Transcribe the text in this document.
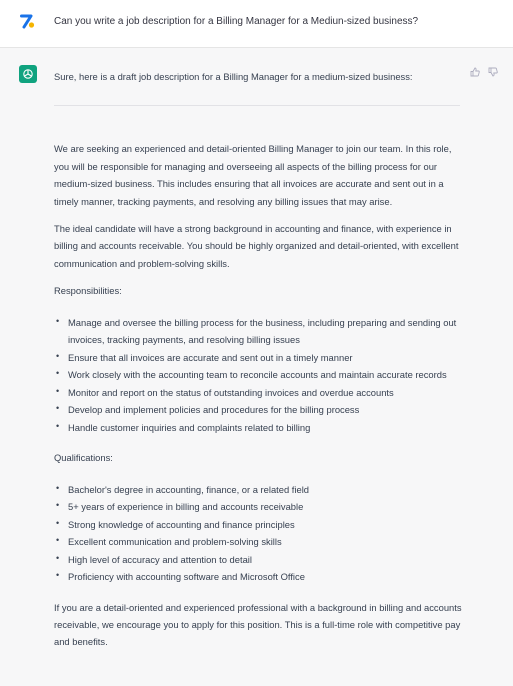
Can you write a job description for a Billing Manager for a Mediun-sized business?

Sure, here is a draft job description for a Billing Manager for a medium-sized business:

We are seeking an experienced and detail-oriented Billing Manager to join our team. In this role, you will be responsible for managing and overseeing all aspects of the billing process for our medium-sized business. This includes ensuring that all invoices are accurate and sent out in a timely manner, tracking payments, and resolving any billing issues that may arise.

The ideal candidate will have a strong background in accounting and finance, with experience in billing and accounts receivable. You should be highly organized and detail-oriented, with excellent communication and problem-solving skills.

Responsibilities:

• Manage and oversee the billing process for the business, including preparing and sending out invoices, tracking payments, and resolving billing issues
• Ensure that all invoices are accurate and sent out in a timely manner
• Work closely with the accounting team to reconcile accounts and maintain accurate records
• Monitor and report on the status of outstanding invoices and overdue accounts
• Develop and implement policies and procedures for the billing process
• Handle customer inquiries and complaints related to billing

Qualifications:

• Bachelor's degree in accounting, finance, or a related field
• 5+ years of experience in billing and accounts receivable
• Strong knowledge of accounting and finance principles
• Excellent communication and problem-solving skills
• High level of accuracy and attention to detail
• Proficiency with accounting software and Microsoft Office

If you are a detail-oriented and experienced professional with a background in billing and accounts receivable, we encourage you to apply for this position. This is a full-time role with competitive pay and benefits.
